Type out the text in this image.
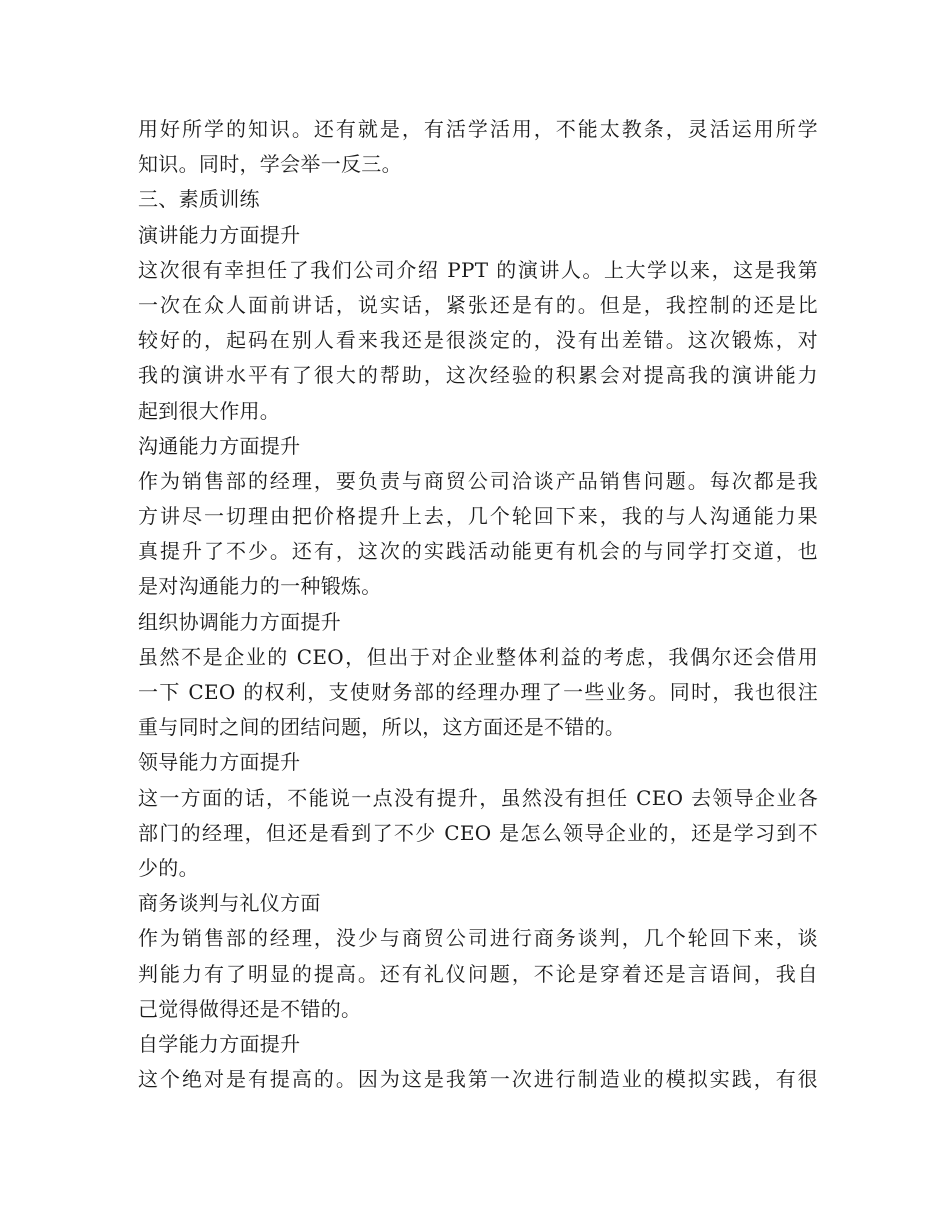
用好所学的知识。还有就是，有活学活用，不能太教条，灵活运用所学
知识。同时，学会举一反三。
三、素质训练
演讲能力方面提升
这次很有幸担任了我们公司介绍 PPT 的演讲人。上大学以来，这是我第
一次在众人面前讲话，说实话，紧张还是有的。但是，我控制的还是比
较好的，起码在别人看来我还是很淡定的，没有出差错。这次锻炼，对
我的演讲水平有了很大的帮助，这次经验的积累会对提高我的演讲能力
起到很大作用。
沟通能力方面提升
作为销售部的经理，要负责与商贸公司洽谈产品销售问题。每次都是我
方讲尽一切理由把价格提升上去，几个轮回下来，我的与人沟通能力果
真提升了不少。还有，这次的实践活动能更有机会的与同学打交道，也
是对沟通能力的一种锻炼。
组织协调能力方面提升
虽然不是企业的 CEO，但出于对企业整体利益的考虑，我偶尔还会借用
一下 CEO 的权利，支使财务部的经理办理了一些业务。同时，我也很注
重与同时之间的团结问题，所以，这方面还是不错的。
领导能力方面提升
这一方面的话，不能说一点没有提升，虽然没有担任 CEO 去领导企业各
部门的经理，但还是看到了不少 CEO 是怎么领导企业的，还是学习到不
少的。
商务谈判与礼仪方面
作为销售部的经理，没少与商贸公司进行商务谈判，几个轮回下来，谈
判能力有了明显的提高。还有礼仪问题，不论是穿着还是言语间，我自
己觉得做得还是不错的。
自学能力方面提升
这个绝对是有提高的。因为这是我第一次进行制造业的模拟实践，有很
